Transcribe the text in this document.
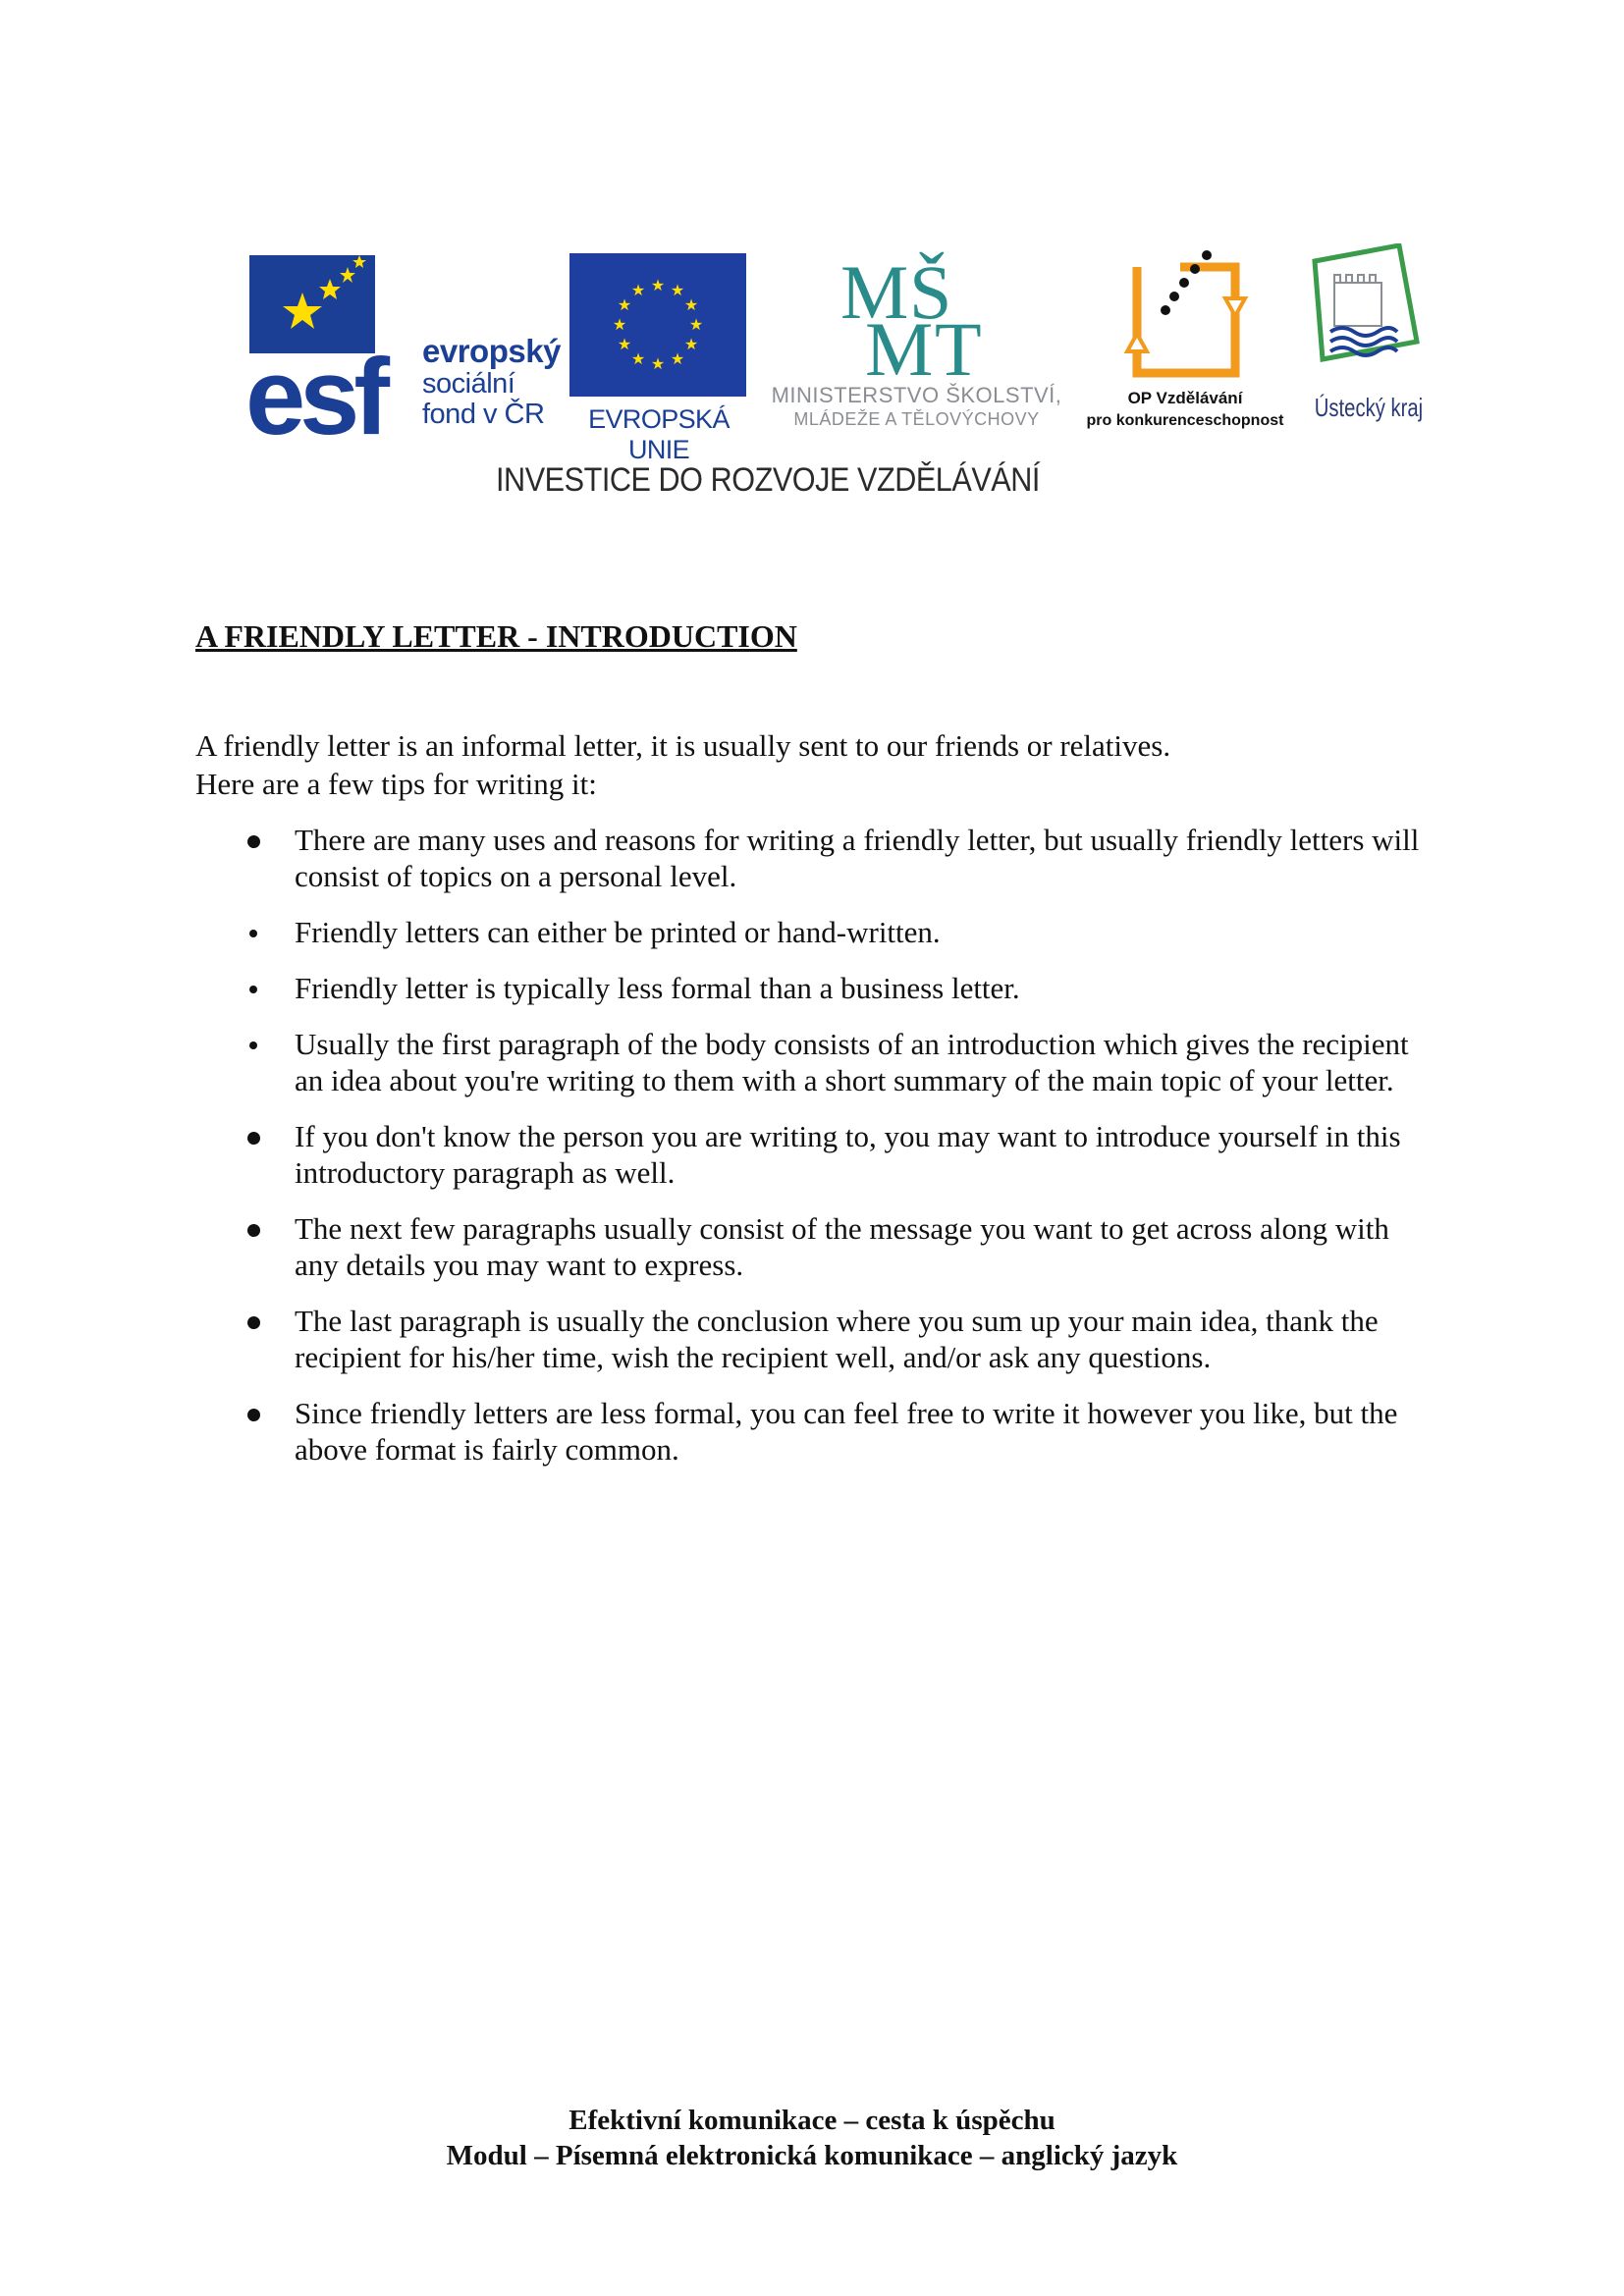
esf evropský
sociální
fond v ČR
★ ★
★
★
★
★
★
★
★
★
★
★
EVROPSKÁ UNIE
M Š
M T
MINISTERSTVO ŠKOLSTVÍ,
MLÁDEŽE A TĚLOVÝCHOVY
OP Vzdělávání
pro konkurenceschopnost Ústecký kraj
INVESTICE DO ROZVOJE VZDĚLÁVÁNÍ
A FRIENDLY LETTER - INTRODUCTION
A friendly letter is an informal letter, it is usually sent to our friends or relatives.
Here are a few tips for writing it:
There are many uses and reasons for writing a friendly letter, but usually friendly letters will consist of topics on a personal level.
Friendly letters can either be printed or hand-written.
Friendly letter is typically less formal than a business letter.
Usually the first paragraph of the body consists of an introduction which gives the recipient an idea about you're writing to them with a short summary of the main topic of your letter.
If you don't know the person you are writing to, you may want to introduce yourself in this introductory paragraph as well.
The next few paragraphs usually consist of the message you want to get across along with any details you may want to express.
The last paragraph is usually the conclusion where you sum up your main idea, thank the recipient for his/her time, wish the recipient well, and/or ask any questions.
Since friendly letters are less formal, you can feel free to write it however you like, but the above format is fairly common.
Efektivní komunikace – cesta k úspěchu
Modul – Písemná elektronická komunikace – anglický jazyk
